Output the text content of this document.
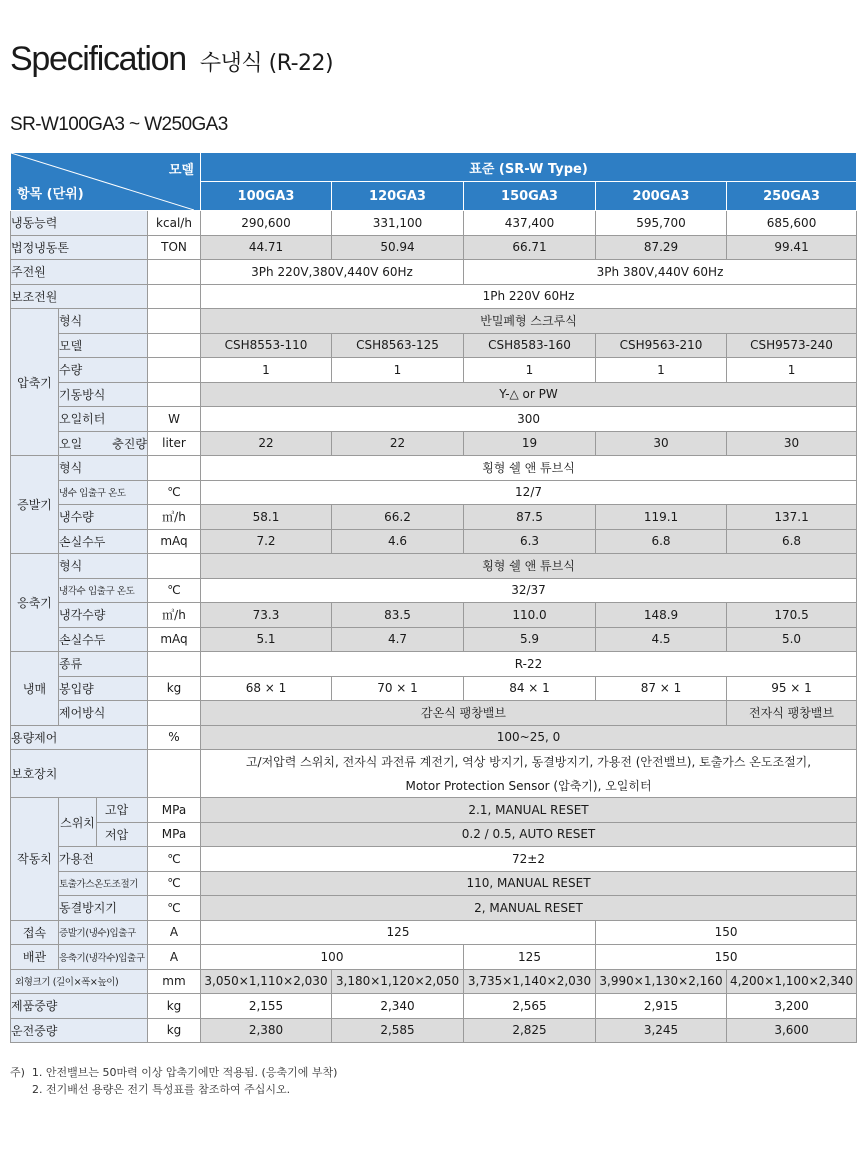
Specification 수냉식 (R-22)
SR-W100GA3 ~ W250GA3
모델
항목 (단위)				표준 (SR-W Type)				
				100GA3	120GA3	150GA3	200GA3	250GA3
냉동능력			kcal/h	290,600	331,100	437,400	595,700	685,600
법정냉동톤			TON	44.71	50.94	66.71	87.29	99.41
주전원				3Ph 220V,380V,440V 60Hz		3Ph 380V,440V 60Hz		
보조전원				1Ph 220V 60Hz				
압축기	형식			반밀폐형 스크루식				
	모델			CSH8553-110	CSH8563-125	CSH8583-160	CSH9563-210	CSH9573-240
	수량			1	1	1	1	1
	기동방식			Y-△ or PW				
	오일히터		W	300				
	오일 충진량		liter	22	22	19	30	30
증발기	형식			횡형 쉘 앤 튜브식				
	냉수 입출구 온도		℃	12/7				
	냉수량		㎥/h	58.1	66.2	87.5	119.1	137.1
	손실수두		mAq	7.2	4.6	6.3	6.8	6.8
응축기	형식			횡형 쉘 앤 튜브식				
	냉각수 입출구 온도		℃	32/37				
	냉각수량		㎥/h	73.3	83.5	110.0	148.9	170.5
	손실수두		mAq	5.1	4.7	5.9	4.5	5.0
냉매	종류			R-22				
	봉입량		kg	68 × 1	70 × 1	84 × 1	87 × 1	95 × 1
	제어방식			감온식 팽창밸브				전자식 팽창밸브
용량제어			%	100~25, 0				
보호장치				고/저압력 스위치, 전자식 과전류 계전기, 역상 방지기, 동결방지기, 가용전 (안전밸브), 토출가스 온도조절기,				
				Motor Protection Sensor (압축기), 오일히터				
작동치	스위치	고압	MPa	2.1, MANUAL RESET				
		저압	MPa	0.2 / 0.5, AUTO RESET				
	가용전		℃	72±2				
	토출가스온도조절기		℃	110, MANUAL RESET				
	동결방지기		℃	2, MANUAL RESET				
접속	증발기(냉수)입출구		A	125			150	
배관	응축기(냉각수)입출구		A	100		125	150	
외형크기 (길이×폭×높이)			mm	3,050×1,110×2,030	3,180×1,120×2,050	3,735×1,140×2,030	3,990×1,130×2,160	4,200×1,100×2,340
제품중량			kg	2,155	2,340	2,565	2,915	3,200
운전중량			kg	2,380	2,585	2,825	3,245	3,600
주) 1. 안전밸브는 50마력 이상 압축기에만 적용됨. (응축기에 부착)
2. 전기배선 용량은 전기 특성표를 참조하여 주십시오.
